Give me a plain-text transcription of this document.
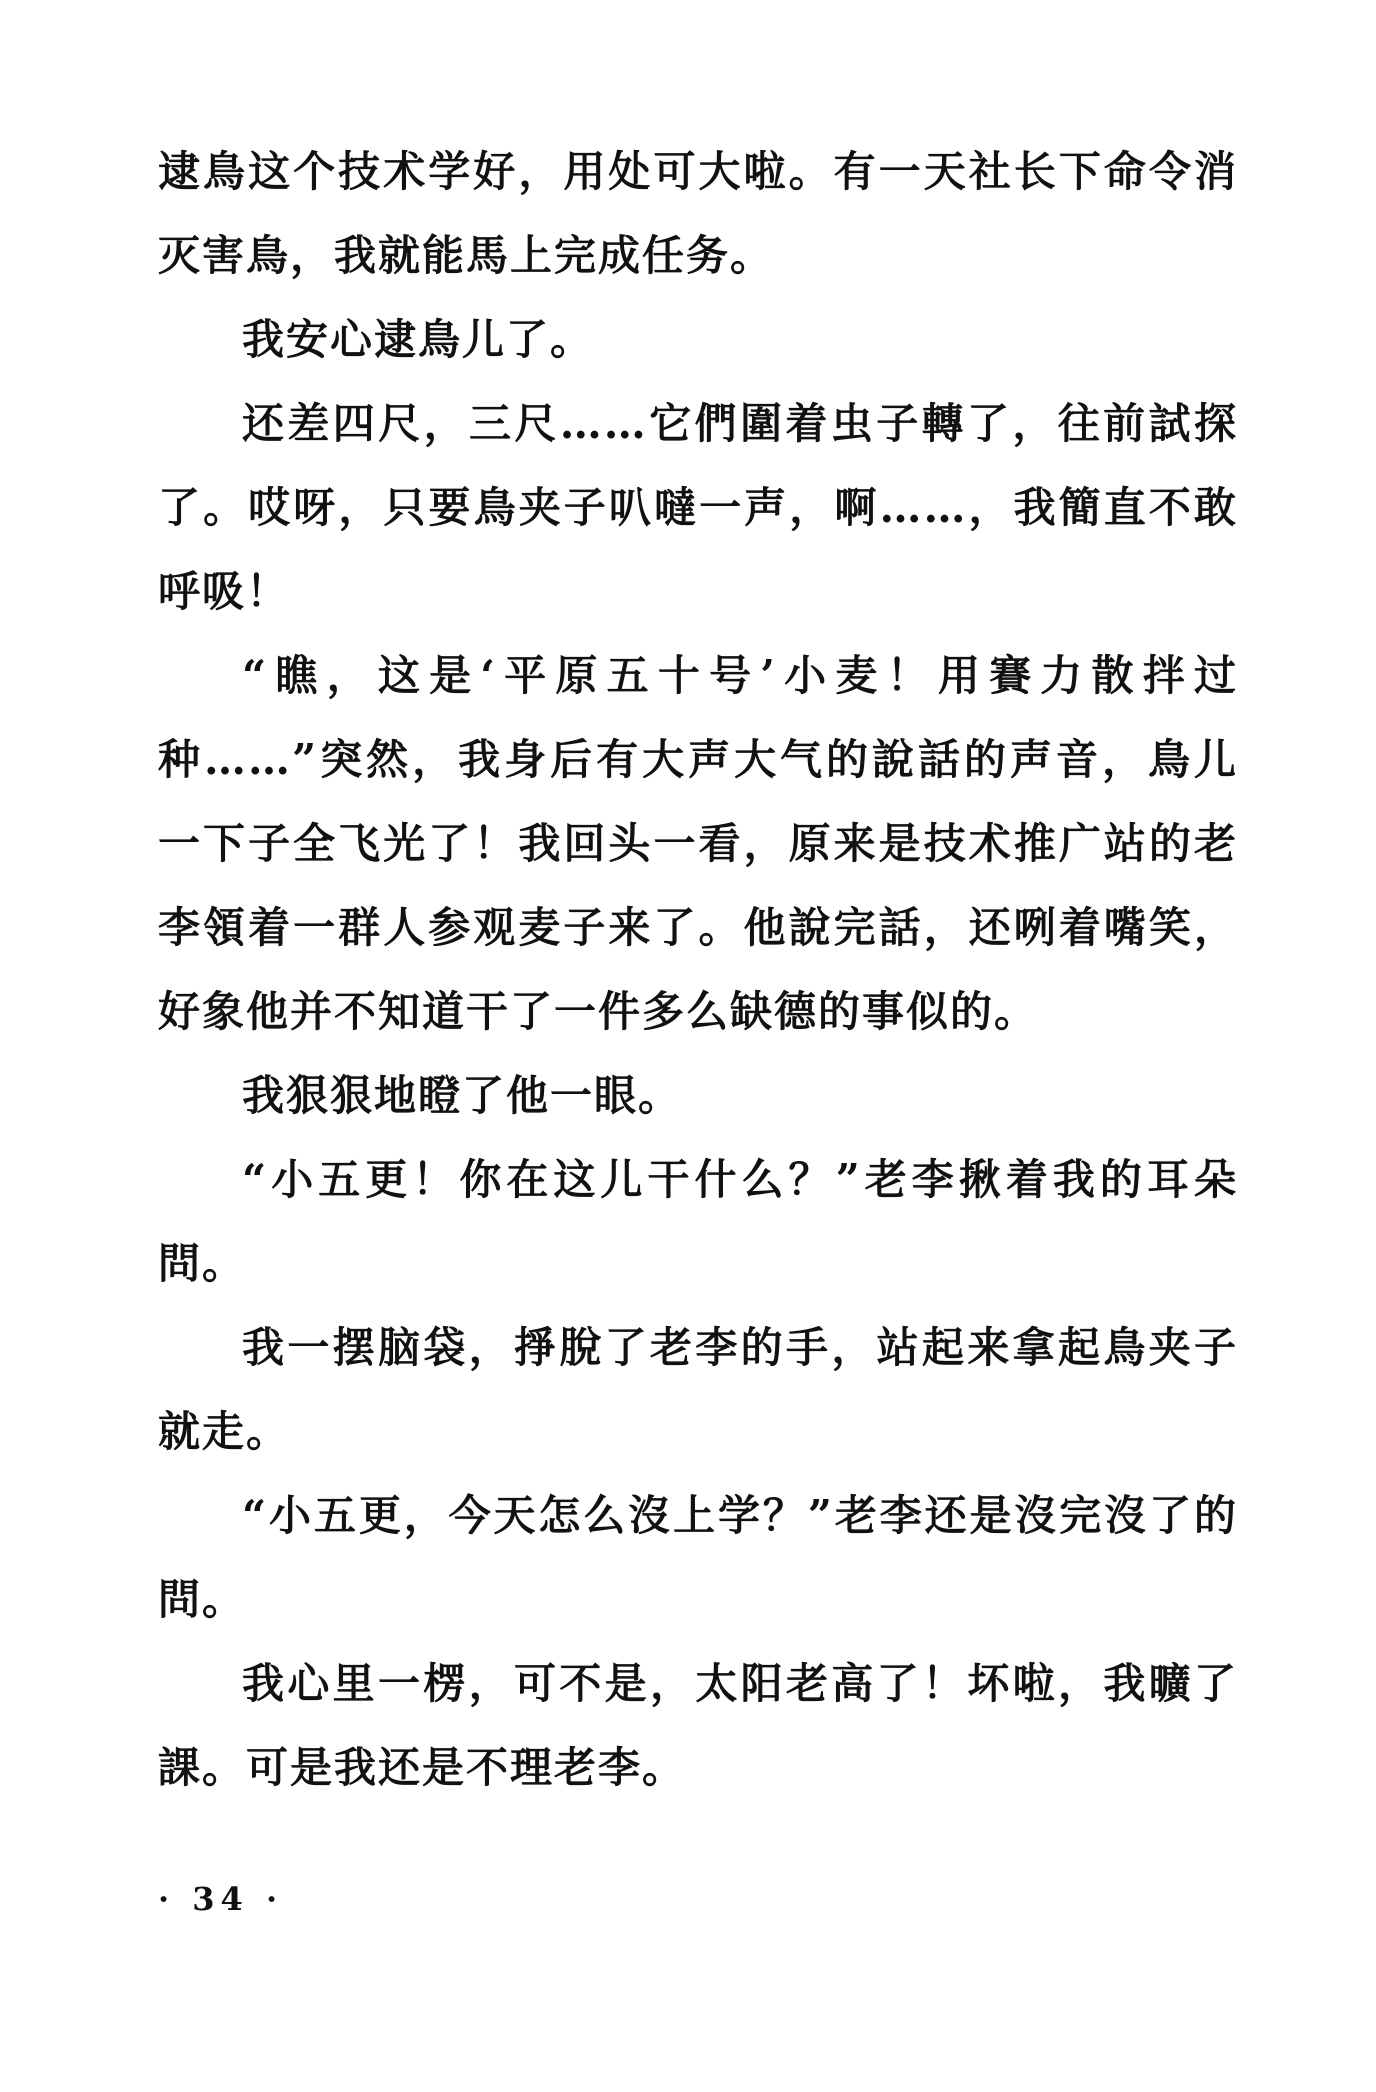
逮鳥这个技术学好，用处可大啦。有一天社长下命令消灭害鳥，我就能馬上完成任务。

我安心逮鳥儿了。

还差四尺，三尺……它們圍着虫子轉了，往前試探了。哎呀，只要鳥夹子叭噠一声，啊……，我簡直不敢呼吸！

“瞧，这是‘平原五十号’小麦！用賽力散拌过种……”突然，我身后有大声大气的說話的声音，鳥儿一下子全飞光了！我回头一看，原来是技术推广站的老李領着一群人参观麦子来了。他說完話，还咧着嘴笑，好象他并不知道干了一件多么缺德的事似的。

我狠狠地瞪了他一眼。

“小五更！你在这儿干什么？”老李揪着我的耳朵問。

我一摆脑袋，掙脫了老李的手，站起来拿起鳥夹子就走。

“小五更，今天怎么沒上学？”老李还是沒完沒了的問。

我心里一楞，可不是，太阳老高了！坏啦，我曠了課。可是我还是不理老李。

· 34 ·
